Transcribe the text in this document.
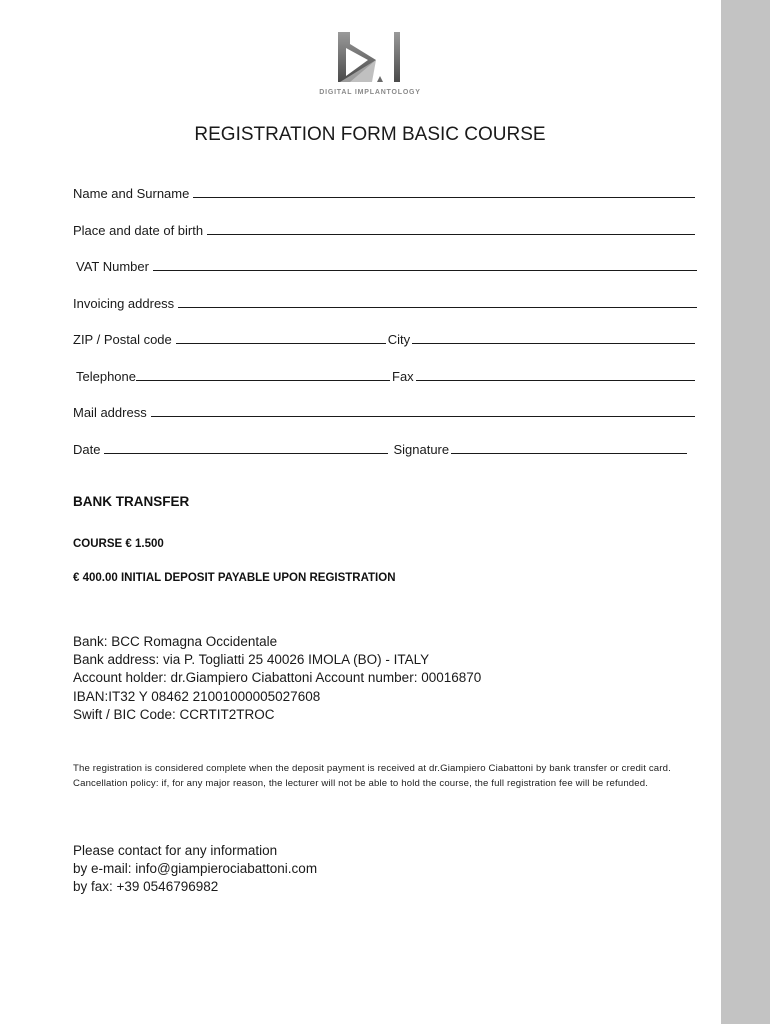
DIGITAL IMPLANTOLOGY
REGISTRATION FORM BASIC COURSE
Name and Surname
Place and date of birth
VAT Number
Invoicing address
ZIP / Postal code	City
Telephone	Fax
Mail address
Date	Signature
BANK TRANSFER
COURSE € 1.500
€ 400.00 INITIAL DEPOSIT PAYABLE UPON REGISTRATION
Bank: BCC Romagna Occidentale
Bank address: via P. Togliatti 25 40026 IMOLA (BO) - ITALY
Account holder: dr.Giampiero Ciabattoni Account number: 00016870
IBAN:IT32 Y 08462 21001000005027608
Swift / BIC Code: CCRTIT2TROC
The registration is considered complete when the deposit payment is received at dr.Giampiero Ciabattoni by bank transfer or credit card. Cancellation policy: if, for any major reason, the lecturer will not be able to hold the course, the full registration fee will be refunded.
Please contact for any information
by e-mail: info@giampierociabattoni.com
by fax: +39 0546796982
